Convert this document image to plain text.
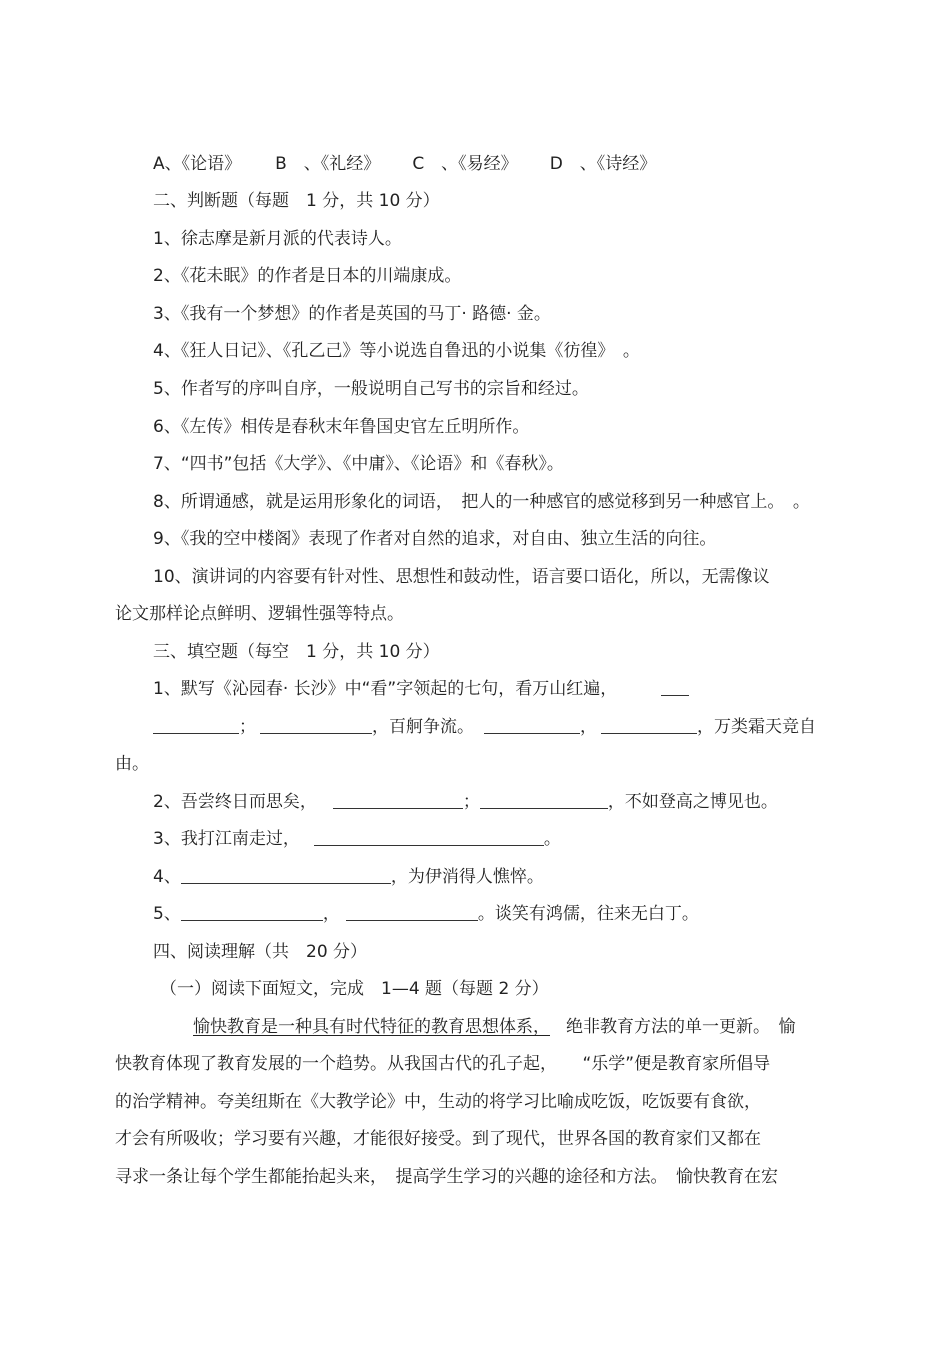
A、《论语》 B　、《礼经》 C　、《易经》 D　、《诗经》
二、判断题（每题　1 分，共 10 分）
1、徐志摩是新月派的代表诗人。
2、《花未眠》的作者是日本的川端康成。
3、《我有一个梦想》的作者是英国的马丁· 路德· 金。
4、《狂人日记》、《孔乙己》等小说选自鲁迅的小说集《彷徨》　。
5、作者写的序叫自序，一般说明自己写书的宗旨和经过。
6、《左传》相传是春秋末年鲁国史官左丘明所作。
7、“四书”包括《大学》、《中庸》、《论语》和《春秋》。
8、所谓通感，就是运用形象化的词语，　把人的一种感官的感觉移到另一种感官上。　。
9、《我的空中楼阁》表现了作者对自然的追求，对自由、独立生活的向往。
10、演讲词的内容要有针对性、思想性和鼓动性，语言要口语化，所以，无需像议
论文那样论点鲜明、逻辑性强等特点。
三、填空题（每空　1 分，共 10 分）
1、默写《沁园春· 长沙》中“看”字领起的七句，看万山红遍，
；	，百舸争流。	，	，万类霜天竞自
由。
2、吾尝终日而思矣，	；	，不如登高之博见也。
3、我打江南走过，	。
4、	，为伊消得人憔悴。
5、	，	。谈笑有鸿儒，往来无白丁。
四、阅读理解（共　20 分）
（一）阅读下面短文，完成　1—4 题（每题 2 分）
愉快教育是一种具有时代特征的教育思想体系， 绝非教育方法的单一更新。　愉
快教育体现了教育发展的一个趋势。从我国古代的孔子起，　　“乐学”便是教育家所倡导
的治学精神。夸美纽斯在《大教学论》中，生动的将学习比喻成吃饭，吃饭要有食欲，
才会有所吸收；学习要有兴趣，才能很好接受。到了现代，世界各国的教育家们又都在
寻求一条让每个学生都能抬起头来，　提高学生学习的兴趣的途径和方法。　愉快教育在宏
